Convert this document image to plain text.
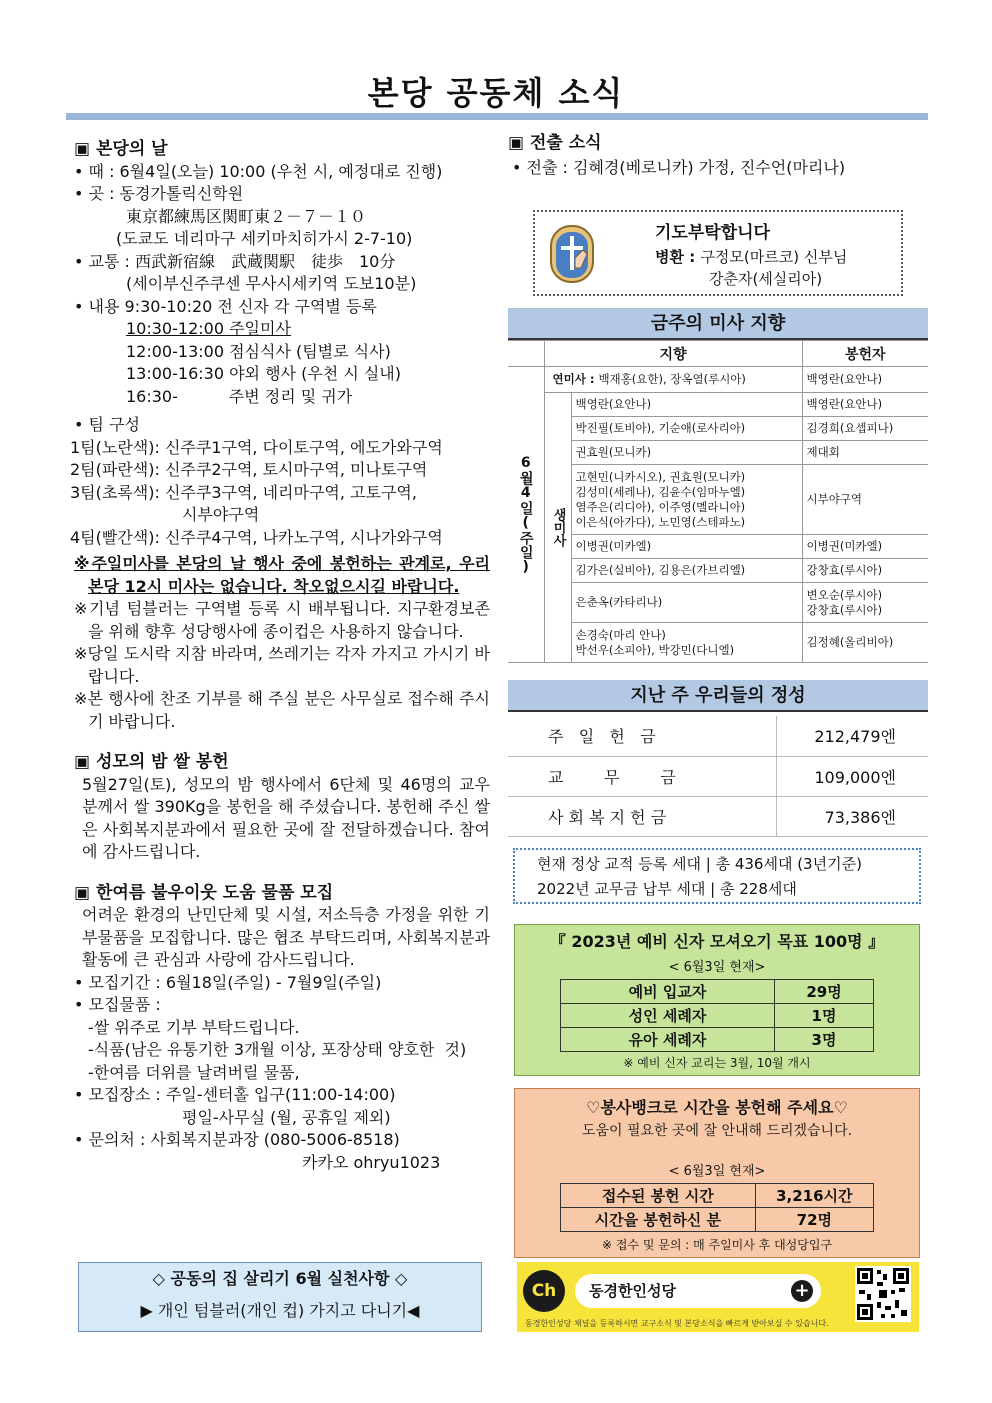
본당 공동체 소식
▣ 본당의 날
• 때 : 6월4일(오늘) 10:00 (우천 시, 예정대로 진행)
• 곳 : 동경가톨릭신학원
東京都練馬区関町東２－７－１０
(도쿄도 네리마구 세키마치히가시 2-7-10)
• 교통 : 西武新宿線　武蔵関駅　徒歩　10分
(세이부신주쿠센 무사시세키역 도보10분)
• 내용 9:30-10:20 전 신자 각 구역별 등록
10:30-12:00 주일미사
12:00-13:00 점심식사 (팀별로 식사)
13:00-16:30 야외 행사 (우천 시 실내)
16:30-          주변 정리 및 귀가
• 팀 구성
1팀(노란색): 신주쿠1구역, 다이토구역, 에도가와구역
2팀(파란색): 신주쿠2구역, 토시마구역, 미나토구역
3팀(초록색): 신주쿠3구역, 네리마구역, 고토구역,
시부야구역
4팀(빨간색): 신주쿠4구역, 나카노구역, 시나가와구역
※주일미사를 본당의 날 행사 중에 봉헌하는 관계로, 우리 본당 12시 미사는 없습니다. 착오없으시길 바랍니다.
※기념 텀블러는 구역별 등록 시 배부됩니다. 지구환경보존을 위해 향후 성당행사에 종이컵은 사용하지 않습니다.
※당일 도시락 지참 바라며, 쓰레기는 각자 가지고 가시기 바랍니다.
※본 행사에 찬조 기부를 해 주실 분은 사무실로 접수해 주시기 바랍니다.
▣ 성모의 밤 쌀 봉헌
5월27일(토), 성모의 밤 행사에서 6단체 및 46명의 교우 분께서 쌀 390Kg을 봉헌을 해 주셨습니다. 봉헌해 주신 쌀은 사회복지분과에서 필요한 곳에 잘 전달하겠습니다. 참여에 감사드립니다.
▣ 한여름 불우이웃 도움 물품 모집
어려운 환경의 난민단체 및 시설, 저소득층 가정을 위한 기부물품을 모집합니다. 많은 협조 부탁드리며, 사회복지분과 활동에 큰 관심과 사랑에 감사드립니다.
• 모집기간 : 6월18일(주일) - 7월9일(주일)
• 모집물품 :
-쌀 위주로 기부 부탁드립니다.
-식품(남은 유통기한 3개월 이상, 포장상태 양호한  것)
-한여름 더위를 날려버릴 물품,
• 모집장소 : 주일-센터홀 입구(11:00-14:00)
평일-사무실 (월, 공휴일 제외)
• 문의처 : 사회복지분과장 (080-5006-8518)
카카오 ohryu1023
◇ 공동의 집 살리기 6월 실천사항 ◇
▶ 개인 텀블러(개인 컵) 가지고 다니기◀
▣ 전출 소식
• 전출 : 김혜경(베로니카) 가정, 진수언(마리나)
기도부탁합니다
병환 : 구정모(마르코) 신부님
강춘자(세실리아)
금주의 미사 지향
	지향		봉헌자
6월4일(주일)	연미사 : 백재홍(요한), 장옥열(루시아)		백영란(요안나)
	생미사	백영란(요안나)	백영란(요안나)
		박진필(토비아), 기순애(로사리아)	김경희(요셉피나)
		권효원(모니카)	제대회
		고현민(니카시오), 권효원(모니카)
김성미(세레나), 김윤수(임마누엘)
염주은(리디아), 이주영(멜라니아)
이은식(아가다), 노민영(스테파노)	시부야구역
		이병권(미카엘)	이병권(미카엘)
		김가은(실비아), 김용은(가브리엘)	강창효(루시아)
		은춘옥(카타리나)	변오순(루시아)
강창효(루시아)
		손경숙(마리 안나)
박선우(소피아), 박강민(다니엘)	김정혜(올리비아)
지난 주 우리들의 정성
주   일   헌   금	212,479엔
교        무        금	109,000엔
사 회 복 지 헌 금	73,386엔
현재 정상 교적 등록 세대 | 총 436세대 (3년기준)
2022년 교무금 납부 세대 | 총 228세대
『 2023년 예비 신자 모셔오기 목표 100명 』
< 6월3일 현재>
예비 입교자	29명
성인 세례자	1명
유아 세례자	3명
※ 예비 신자 교리는 3월, 10월 개시
♡봉사뱅크로 시간을 봉헌해 주세요♡
도움이 필요한 곳에 잘 안내해 드리겠습니다.
< 6월3일 현재>
접수된 봉헌 시간	3,216시간
시간을 봉헌하신 분	72명
※ 접수 및 문의 : 매 주일미사 후 대성당입구
Ch	동경한인성당	+
동경한인성당 채널을 등록하시면 교구소식 및 본당소식을 빠르게 받아보실 수 있습니다.
